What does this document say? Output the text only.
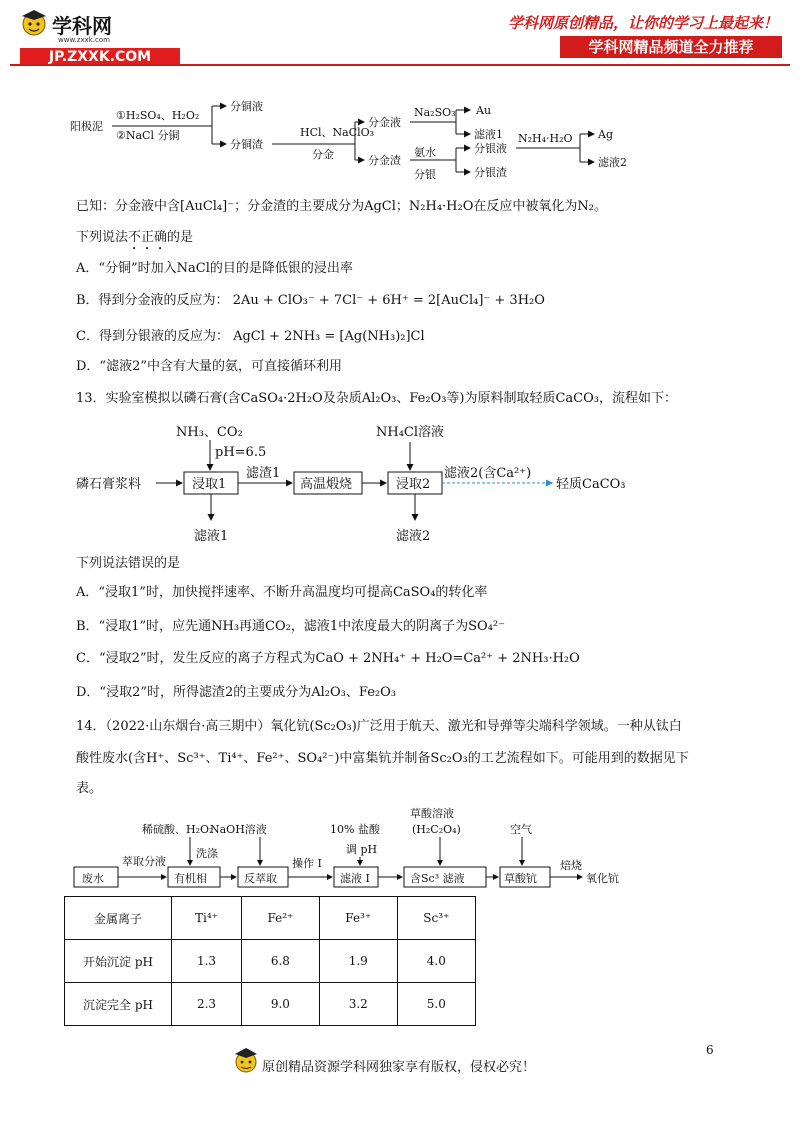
学科网
www.zxxk.com
JP.ZXXK.COM
学科网原创精品，让你的学习上最起来！
学科网精品频道全力推荐
阳极泥
①H₂SO₄、H₂O₂
②NaCl 分铜
分铜液
分铜渣
HCl、NaClO₃
分金
分金液
分金渣
Na₂SO₃ Au
滤液1
氨水
分银
分银液
分银渣
N₂H₄·H₂O Ag
滤液2
已知：分金液中含[AuCl₄]⁻；分金渣的主要成分为AgCl；N₂H₄·H₂O在反应中被氧化为N₂。
下列说法不正确的是
A．“分铜”时加入NaCl的目的是降低银的浸出率
B．得到分金液的反应为： 2Au + ClO₃⁻ + 7Cl⁻ + 6H⁺ = 2[AuCl₄]⁻ + 3H₂O
C．得到分银液的反应为： AgCl + 2NH₃ = [Ag(NH₃)₂]Cl
D．“滤液2”中含有大量的氨，可直接循环利用
13．实验室模拟以磷石膏(含CaSO₄·2H₂O及杂质Al₂O₃、Fe₂O₃等)为原料制取轻质CaCO₃，流程如下：
NH₃、CO₂
pH=6.5
NH₄Cl溶液
磷石膏浆料	浸取1
滤渣1
高温煅烧	浸取2
滤液2(含Ca²⁺)
轻质CaCO₃
滤液1	滤液2
下列说法错误的是
A．“浸取1”时，加快搅拌速率、不断升高温度均可提高CaSO₄的转化率
B．“浸取1”时，应先通NH₃再通CO₂，滤液1中浓度最大的阴离子为SO₄²⁻
C．“浸取2”时，发生反应的离子方程式为CaO + 2NH₄⁺ + H₂O=Ca²⁺ + 2NH₃·H₂O
D．“浸取2”时，所得滤渣2的主要成分为Al₂O₃、Fe₂O₃
14．（2022·山东烟台·高三期中）氧化钪(Sc₂O₃)广泛用于航天、激光和导弹等尖端科学领域。一种从钛白
酸性废水(含H⁺、Sc³⁺、Ti⁴⁺、Fe²⁺、SO₄²⁻)中富集钪并制备Sc₂O₃的工艺流程如下。可能用到的数据见下
表。
稀硫酸、H₂O₂
NaOH溶液
洗涤
10% 盐酸
调 pH
草酸溶液
(H₂C₂O₄)	空气
废水
萃取分液
有机相	反萃取
操作 I
滤液 I	含Sc³ 滤液	草酸钪
焙烧
氧化钪
金属离子	Ti⁴⁺	Fe²⁺	Fe³⁺	Sc³⁺
开始沉淀 pH	1.3	6.8	1.9	4.0
沉淀完全 pH	2.3	9.0	3.2	5.0
原创精品资源学科网独家享有版权，侵权必究！
6
